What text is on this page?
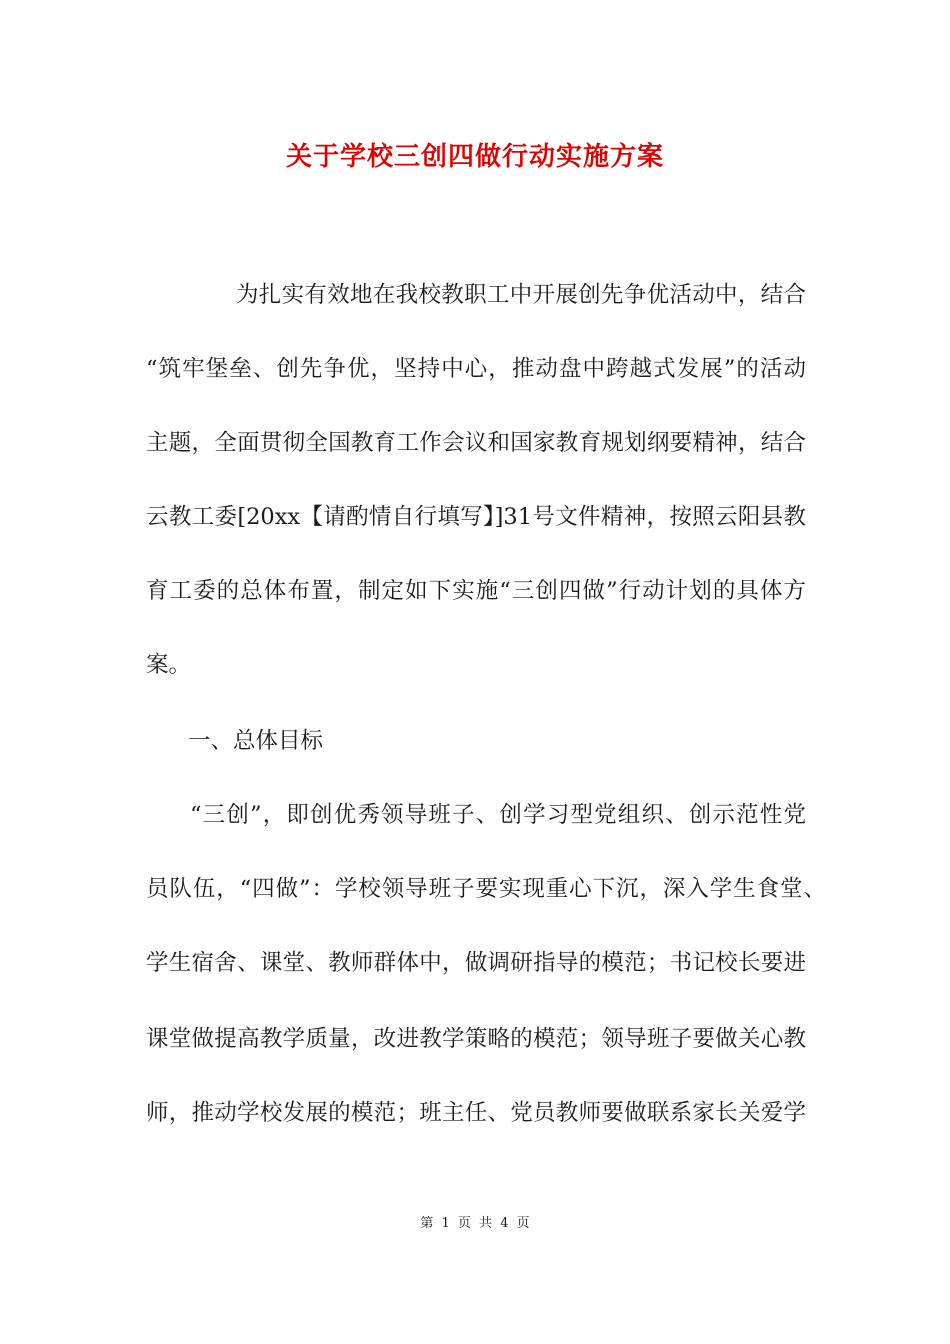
关于学校三创四做行动实施方案
为扎实有效地在我校教职工中开展创先争优活动中，结合
“筑牢堡垒、创先争优，坚持中心，推动盘中跨越式发展”的活动
主题，全面贯彻全国教育工作会议和国家教育规划纲要精神，结合
云教工委[20xx【请酌情自行填写】]31号文件精神，按照云阳县教
育工委的总体布置，制定如下实施“三创四做”行动计划的具体方
案。
一、总体目标
“三创”，即创优秀领导班子、创学习型党组织、创示范性党
员队伍，“四做”：学校领导班子要实现重心下沉，深入学生食堂、
学生宿舍、课堂、教师群体中，做调研指导的模范；书记校长要进
课堂做提高教学质量，改进教学策略的模范；领导班子要做关心教
师，推动学校发展的模范；班主任、党员教师要做联系家长关爱学
第 1 页 共 4 页
